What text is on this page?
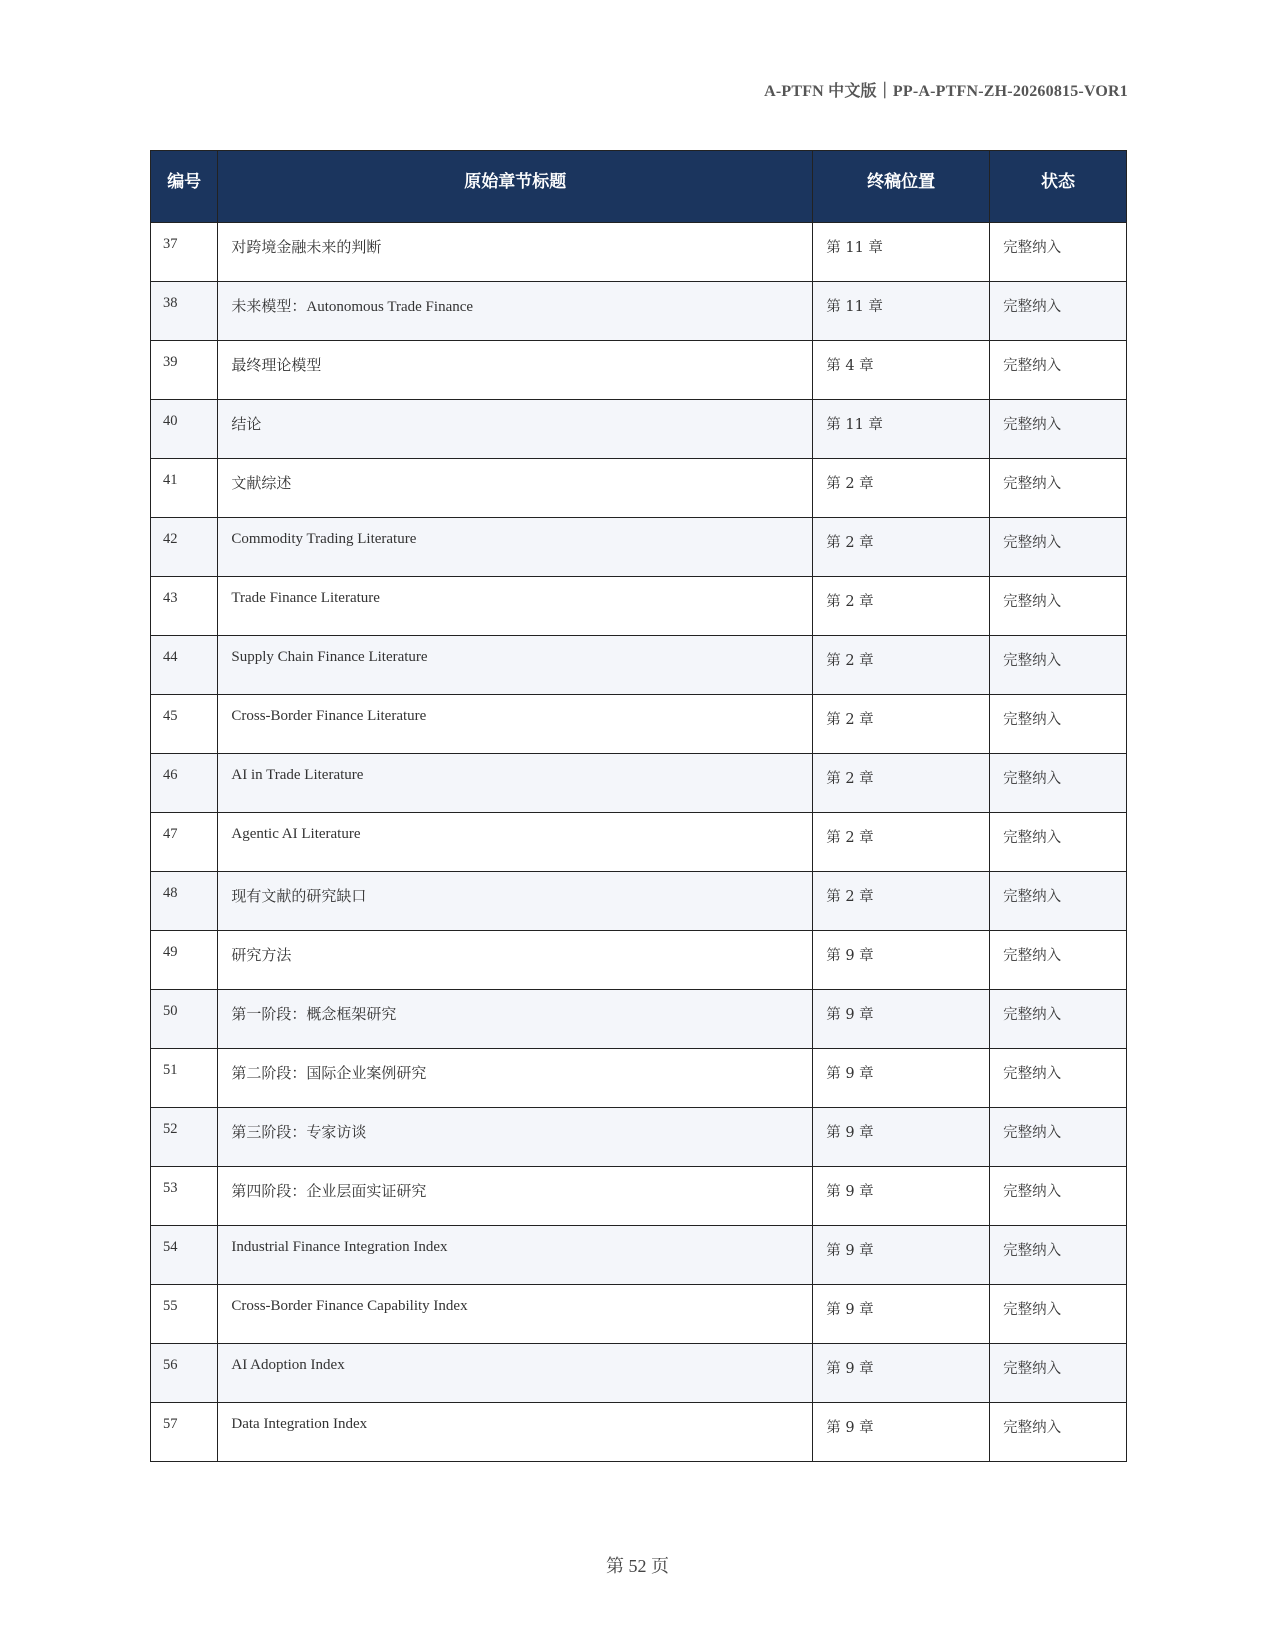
A-PTFN 中文版｜PP-A-PTFN-ZH-20260815-VOR1
编号	原始章节标题	终稿位置	状态
37	对跨境金融未来的判断	第 11 章	完整纳入
38	未来模型：Autonomous Trade Finance	第 11 章	完整纳入
39	最终理论模型	第 4 章	完整纳入
40	结论	第 11 章	完整纳入
41	文献综述	第 2 章	完整纳入
42	Commodity Trading Literature	第 2 章	完整纳入
43	Trade Finance Literature	第 2 章	完整纳入
44	Supply Chain Finance Literature	第 2 章	完整纳入
45	Cross-Border Finance Literature	第 2 章	完整纳入
46	AI in Trade Literature	第 2 章	完整纳入
47	Agentic AI Literature	第 2 章	完整纳入
48	现有文献的研究缺口	第 2 章	完整纳入
49	研究方法	第 9 章	完整纳入
50	第一阶段：概念框架研究	第 9 章	完整纳入
51	第二阶段：国际企业案例研究	第 9 章	完整纳入
52	第三阶段：专家访谈	第 9 章	完整纳入
53	第四阶段：企业层面实证研究	第 9 章	完整纳入
54	Industrial Finance Integration Index	第 9 章	完整纳入
55	Cross-Border Finance Capability Index	第 9 章	完整纳入
56	AI Adoption Index	第 9 章	完整纳入
57	Data Integration Index	第 9 章	完整纳入
第 52 页
